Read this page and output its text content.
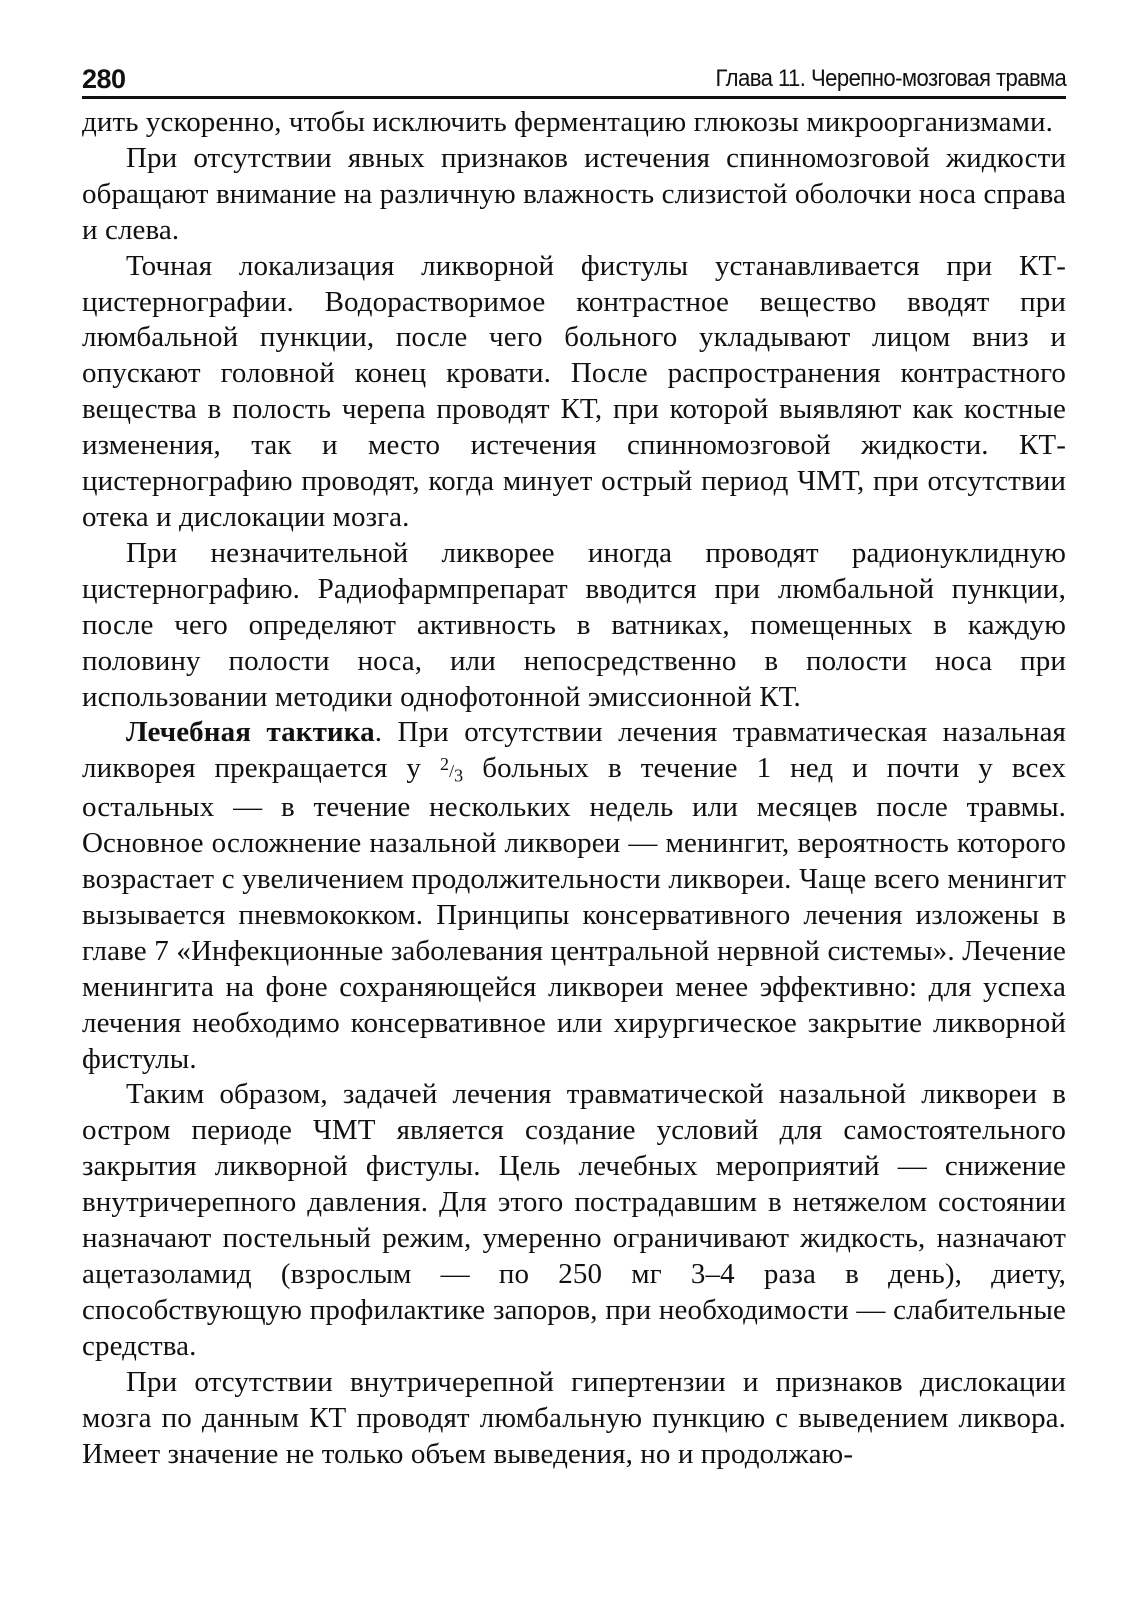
280	Глава 11. Черепно-мозговая травма

дить ускоренно, чтобы исключить ферментацию глюкозы микроорганизмами.

При отсутствии явных признаков истечения спинномозговой жидкости обращают внимание на различную влажность слизистой оболочки носа справа и слева.

Точная локализация ликворной фистулы устанавливается при КТ-цистернографии. Водорастворимое контрастное вещество вводят при люмбальной пункции, после чего больного укладывают лицом вниз и опускают головной конец кровати. После распространения контрастного вещества в полость черепа проводят КТ, при которой выявляют как костные изменения, так и место истечения спинномозговой жидкости. КТ-цистернографию проводят, когда минует острый период ЧМТ, при отсутствии отека и дислокации мозга.

При незначительной ликворее иногда проводят радионуклидную цистернографию. Радиофармпрепарат вводится при люмбальной пункции, после чего определяют активность в ватниках, помещенных в каждую половину полости носа, или непосредственно в полости носа при использовании методики однофотонной эмиссионной КТ.

Лечебная тактика. При отсутствии лечения травматическая назальная ликворея прекращается у $^2/_3$ больных в течение 1 нед и почти у всех остальных — в течение нескольких недель или месяцев после травмы. Основное осложнение назальной ликвореи — менингит, вероятность которого возрастает с увеличением продолжительности ликвореи. Чаще всего менингит вызывается пневмококком. Принципы консервативного лечения изложены в главе 7 «Инфекционные заболевания центральной нервной системы». Лечение менингита на фоне сохраняющейся ликвореи менее эффективно: для успеха лечения необходимо консервативное или хирургическое закрытие ликворной фистулы.

Таким образом, задачей лечения травматической назальной ликвореи в остром периоде ЧМТ является создание условий для самостоятельного закрытия ликворной фистулы. Цель лечебных мероприятий — снижение внутричерепного давления. Для этого пострадавшим в нетяжелом состоянии назначают постельный режим, умеренно ограничивают жидкость, назначают ацетазоламид (взрослым — по 250 мг 3–4 раза в день), диету, способствующую профилактике запоров, при необходимости — слабительные средства.

При отсутствии внутричерепной гипертензии и признаков дислокации мозга по данным КТ проводят люмбальную пункцию с выведением ликвора. Имеет значение не только объем выведения, но и продолжаю-
